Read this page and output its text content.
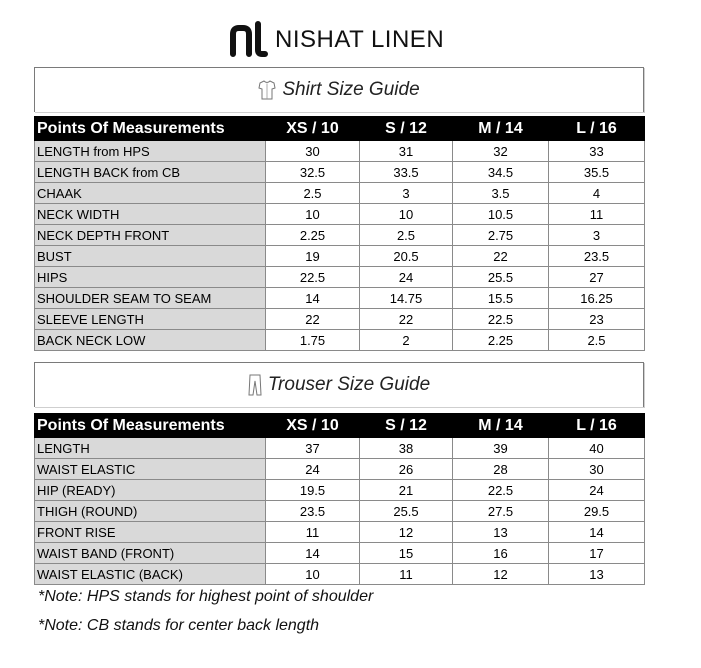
NISHAT LINEN
Shirt Size Guide
Points Of Measurements	XS / 10	S / 12	M / 14	L / 16
LENGTH from HPS	30	31	32	33
LENGTH BACK from CB	32.5	33.5	34.5	35.5
CHAAK	2.5	3	3.5	4
NECK WIDTH	10	10	10.5	11
NECK DEPTH FRONT	2.25	2.5	2.75	3
BUST	19	20.5	22	23.5
HIPS	22.5	24	25.5	27
SHOULDER SEAM TO SEAM	14	14.75	15.5	16.25
SLEEVE LENGTH	22	22	22.5	23
BACK NECK LOW	1.75	2	2.25	2.5
Trouser Size Guide
Points Of Measurements	XS / 10	S / 12	M / 14	L / 16
LENGTH	37	38	39	40
WAIST ELASTIC	24	26	28	30
HIP (READY)	19.5	21	22.5	24
THIGH (ROUND)	23.5	25.5	27.5	29.5
FRONT RISE	11	12	13	14
WAIST BAND (FRONT)	14	15	16	17
WAIST ELASTIC (BACK)	10	11	12	13
*Note: HPS stands for highest point of shoulder
*Note: CB stands for center back length
